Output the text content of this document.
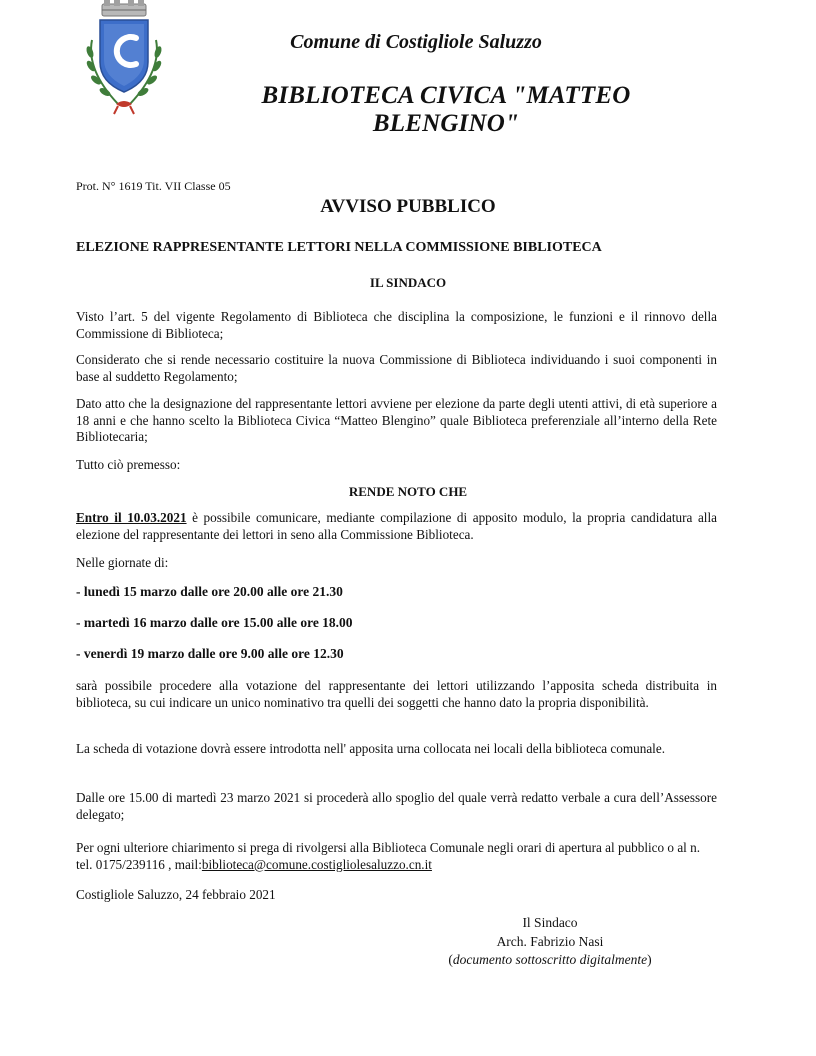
Comune di Costigliole Saluzzo
BIBLIOTECA CIVICA "MATTEO BLENGINO"
Prot. N° 1619 Tit. VII Classe 05
AVVISO PUBBLICO
ELEZIONE RAPPRESENTANTE LETTORI NELLA COMMISSIONE BIBLIOTECA
IL SINDACO
Visto l’art. 5 del vigente Regolamento di Biblioteca che disciplina la composizione, le funzioni e il rinnovo della Commissione di Biblioteca;
Considerato che si rende necessario costituire la nuova Commissione di Biblioteca individuando i suoi componenti in base al suddetto Regolamento;
Dato atto che la designazione del rappresentante lettori avviene per elezione da parte degli utenti attivi, di età superiore a 18 anni e che hanno scelto la Biblioteca Civica “Matteo Blengino” quale Biblioteca preferenziale all’interno della Rete Bibliotecaria;
Tutto ciò premesso:
RENDE NOTO CHE
Entro il 10.03.2021 è possibile comunicare, mediante compilazione di apposito modulo, la propria candidatura alla elezione del rappresentante dei lettori in seno alla Commissione Biblioteca.
Nelle giornate di:
- lunedì 15 marzo dalle ore 20.00 alle ore 21.30
- martedì 16 marzo dalle ore 15.00 alle ore 18.00
- venerdì 19 marzo dalle ore 9.00 alle ore 12.30
sarà possibile procedere alla votazione del rappresentante dei lettori utilizzando l’apposita scheda distribuita in biblioteca, su cui indicare un unico nominativo tra quelli dei soggetti che hanno dato la propria disponibilità.
La scheda di votazione dovrà essere introdotta nell' apposita urna collocata nei locali della biblioteca comunale.
Dalle ore 15.00 di martedì 23 marzo 2021 si procederà allo spoglio del quale verrà redatto verbale a cura dell’Assessore delegato;
Per ogni ulteriore chiarimento si prega di rivolgersi alla Biblioteca Comunale negli orari di apertura al pubblico o al n. tel. 0175/239116 , mail:biblioteca@comune.costigliolesaluzzo.cn.it
Costigliole Saluzzo, 24 febbraio 2021
Il Sindaco
Arch. Fabrizio Nasi
(documento sottoscritto digitalmente)
